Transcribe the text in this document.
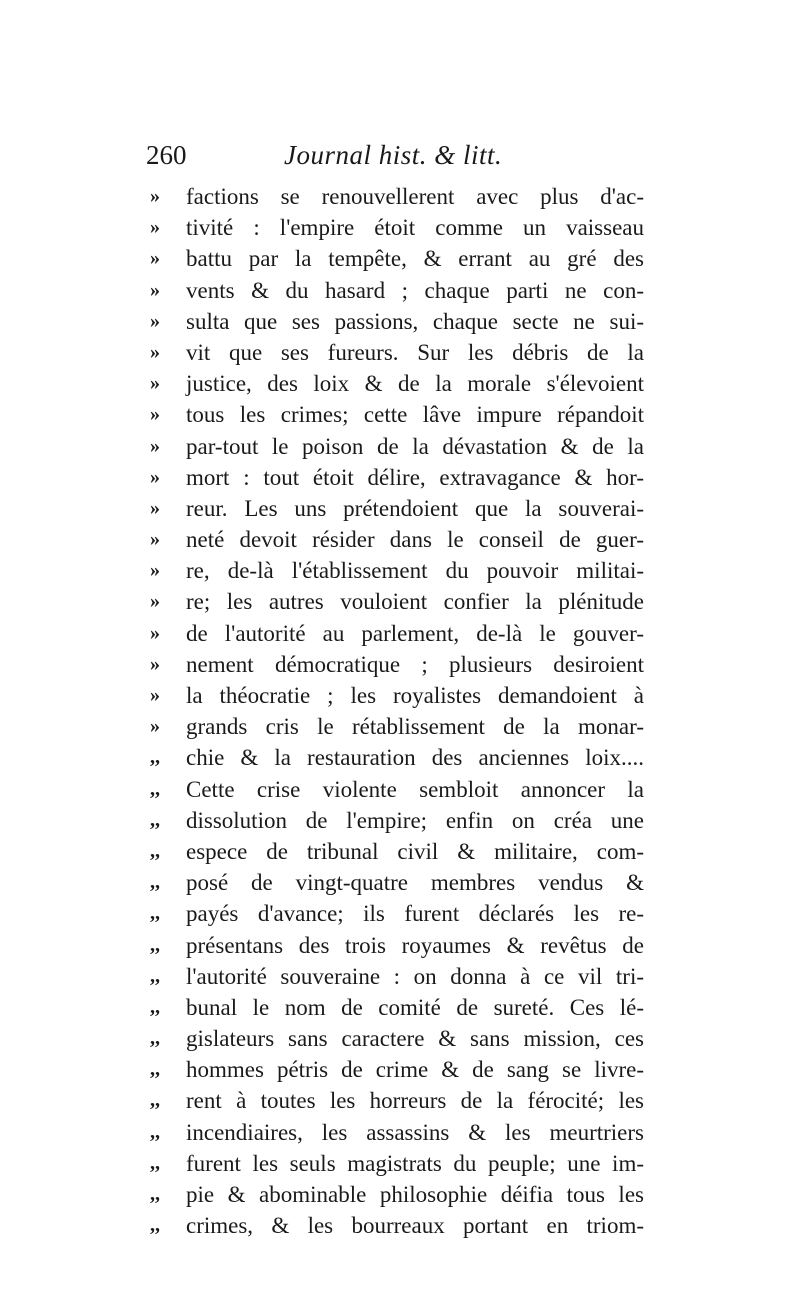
260	Journal hist. & litt.
»	factions se renouvellerent avec plus d'ac-
»	tivité : l'empire étoit comme un vaisseau
»	battu par la tempête, & errant au gré des
»	vents & du hasard ; chaque parti ne con-
»	sulta que ses passions, chaque secte ne sui-
»	vit que ses fureurs. Sur les débris de la
»	justice, des loix & de la morale s'élevoient
»	tous les crimes; cette lâve impure répandoit
»	par-tout le poison de la dévastation & de la
»	mort : tout étoit délire, extravagance & hor-
»	reur. Les uns prétendoient que la souverai-
»	neté devoit résider dans le conseil de guer-
»	re, de-là l'établissement du pouvoir militai-
»	re; les autres vouloient confier la plénitude
»	de l'autorité au parlement, de-là le gouver-
»	nement démocratique ; plusieurs desiroient
»	la théocratie ; les royalistes demandoient à
»	grands cris le rétablissement de la monar-
,,	chie & la restauration des anciennes loix....
,,	Cette crise violente sembloit annoncer la
,,	dissolution de l'empire; enfin on créa une
,,	espece de tribunal civil & militaire, com-
,,	posé de vingt-quatre membres vendus &
,,	payés d'avance; ils furent déclarés les re-
,,	présentans des trois royaumes & revêtus de
,,	l'autorité souveraine : on donna à ce vil tri-
,,	bunal le nom de comité de sureté. Ces lé-
,,	gislateurs sans caractere & sans mission, ces
,,	hommes pétris de crime & de sang se livre-
,,	rent à toutes les horreurs de la férocité; les
,,	incendiaires, les assassins & les meurtriers
,,	furent les seuls magistrats du peuple; une im-
,,	pie & abominable philosophie déifia tous les
,,	crimes, & les bourreaux portant en triom-
